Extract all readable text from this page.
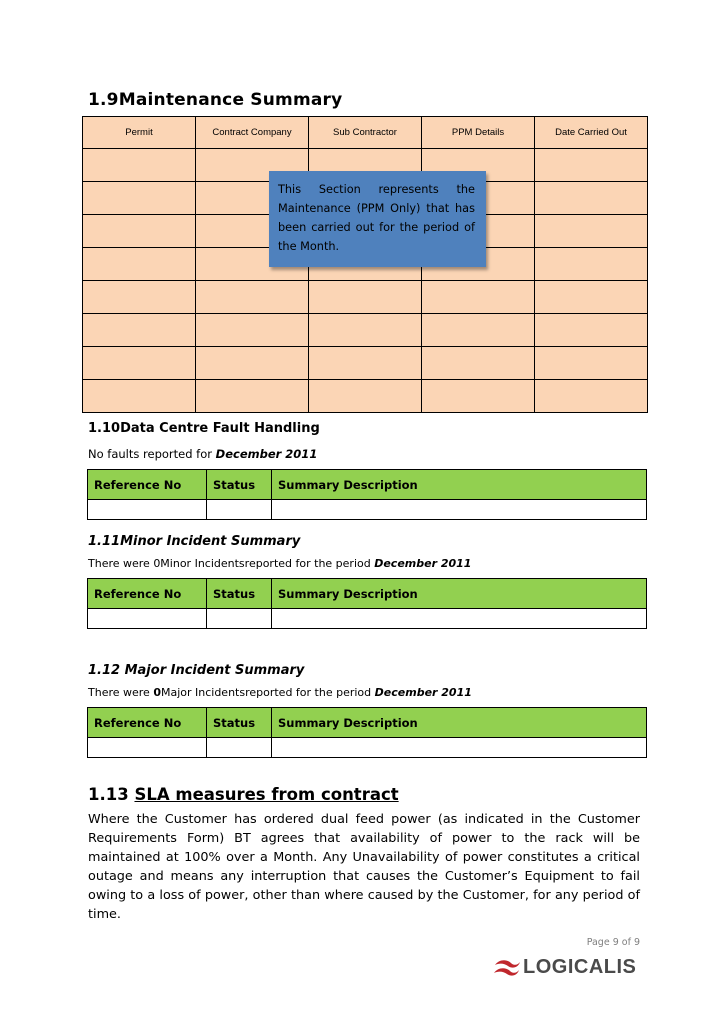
1.9Maintenance Summary
Permit	Contract Company	Sub Contractor	PPM Details	Date Carried Out

This Section represents the Maintenance (PPM Only) that has been carried out for the period of the Month.
1.10Data Centre Fault Handling
No faults reported for December 2011
Reference No	Status	Summary Description

1.11Minor Incident Summary
There were 0Minor Incidentsreported for the period December 2011
Reference No	Status	Summary Description

1.12 Major Incident Summary
There were 0Major Incidentsreported for the period December 2011
Reference No	Status	Summary Description

1.13 SLA measures from contract
Where the Customer has ordered dual feed power (as indicated in the Customer Requirements Form) BT agrees that availability of power to the rack will be maintained at 100% over a Month. Any Unavailability of power constitutes a critical outage and means any interruption that causes the Customer’s Equipment to fail owing to a loss of power, other than where caused by the Customer, for any period of time.
Page 9 of 9
LOGICALIS
